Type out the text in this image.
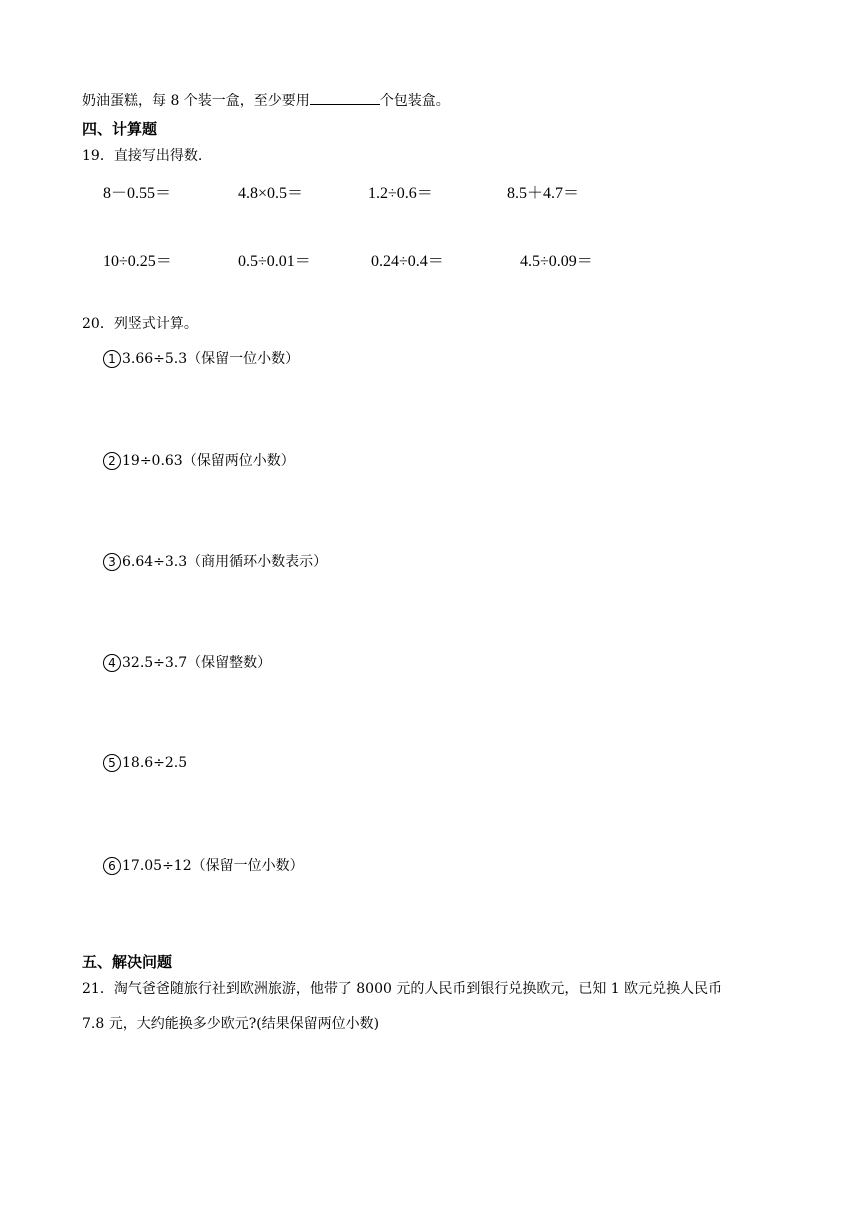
奶油蛋糕，每 8 个装一盒，至少要用	个包装盒。
四、计算题
19．直接写出得数.
8－0.55＝	4.8×0.5＝	1.2÷0.6＝	8.5＋4.7＝
10÷0.25＝	0.5÷0.01＝	0.24÷0.4＝	4.5÷0.09＝
20．列竖式计算。
1 3.66÷5.3（保留一位小数）
2 19÷0.63（保留两位小数）
3 6.64÷3.3（商用循环小数表示）
4 32.5÷3.7（保留整数）
5 18.6÷2.5
6 17.05÷12（保留一位小数）
五、解决问题
21．淘气爸爸随旅行社到欧洲旅游，他带了 8000 元的人民币到银行兑换欧元，已知 1 欧元兑换人民币
7.8 元，大约能换多少欧元?(结果保留两位小数)
